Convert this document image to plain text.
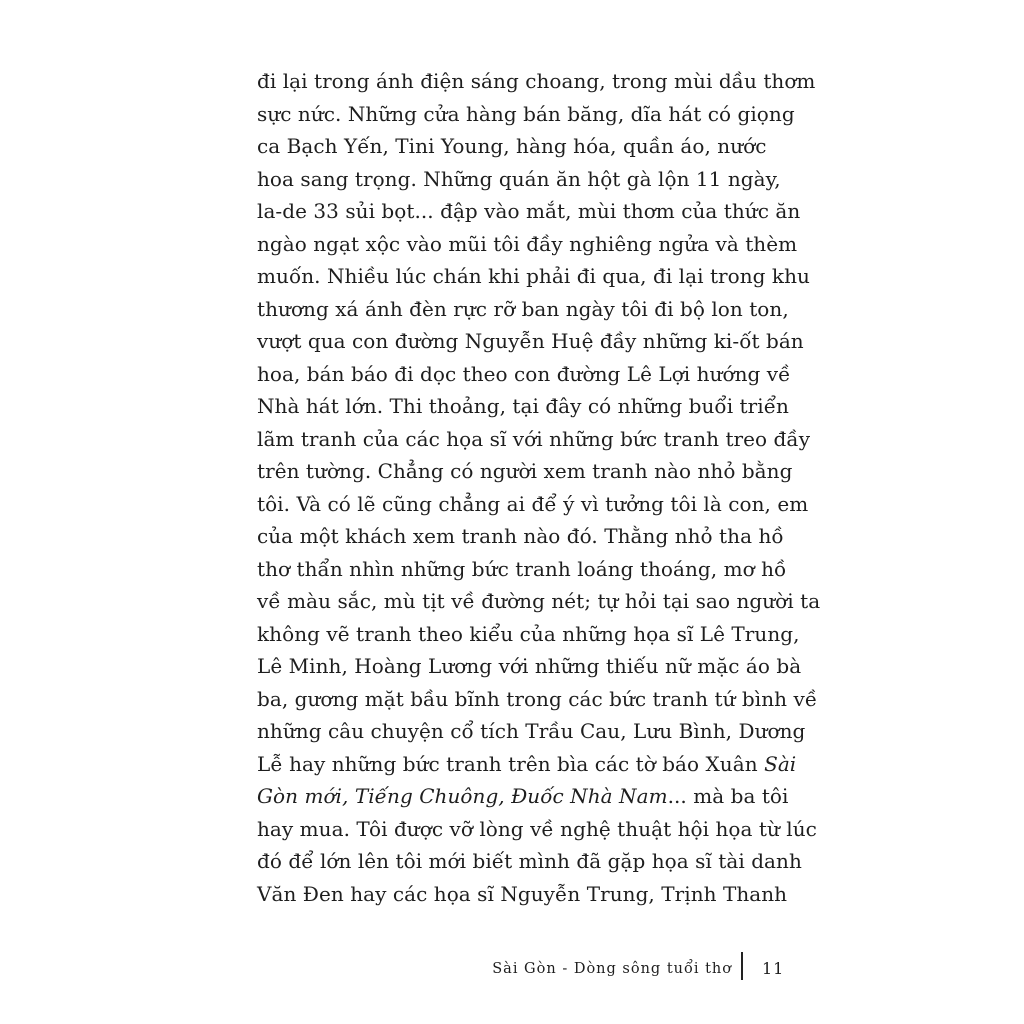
đi lại trong ánh điện sáng choang, trong mùi dầu thơm
sực nức. Những cửa hàng bán băng, dĩa hát có giọng
ca Bạch Yến, Tini Young, hàng hóa, quần áo, nước
hoa sang trọng. Những quán ăn hột gà lộn 11 ngày,
la-de 33 sủi bọt... đập vào mắt, mùi thơm của thức ăn
ngào ngạt xộc vào mũi tôi đầy nghiêng ngửa và thèm
muốn. Nhiều lúc chán khi phải đi qua, đi lại trong khu
thương xá ánh đèn rực rỡ ban ngày tôi đi bộ lon ton,
vượt qua con đường Nguyễn Huệ đầy những ki-ốt bán
hoa, bán báo đi dọc theo con đường Lê Lợi hướng về
Nhà hát lớn. Thi thoảng, tại đây có những buổi triển
lãm tranh của các họa sĩ với những bức tranh treo đầy
trên tường. Chẳng có người xem tranh nào nhỏ bằng
tôi. Và có lẽ cũng chẳng ai để ý vì tưởng tôi là con, em
của một khách xem tranh nào đó. Thằng nhỏ tha hồ
thơ thẩn nhìn những bức tranh loáng thoáng, mơ hồ
về màu sắc, mù tịt về đường nét; tự hỏi tại sao người ta
không vẽ tranh theo kiểu của những họa sĩ Lê Trung,
Lê Minh, Hoàng Lương với những thiếu nữ mặc áo bà
ba, gương mặt bầu bĩnh trong các bức tranh tứ bình về
những câu chuyện cổ tích Trầu Cau, Lưu Bình, Dương
Lễ hay những bức tranh trên bìa các tờ báo Xuân Sài
Gòn mới, Tiếng Chuông, Đuốc Nhà Nam... mà ba tôi
hay mua. Tôi được vỡ lòng về nghệ thuật hội họa từ lúc
đó để lớn lên tôi mới biết mình đã gặp họa sĩ tài danh
Văn Đen hay các họa sĩ Nguyễn Trung, Trịnh Thanh
Sài Gòn - Dòng sông tuổi thơ 11
